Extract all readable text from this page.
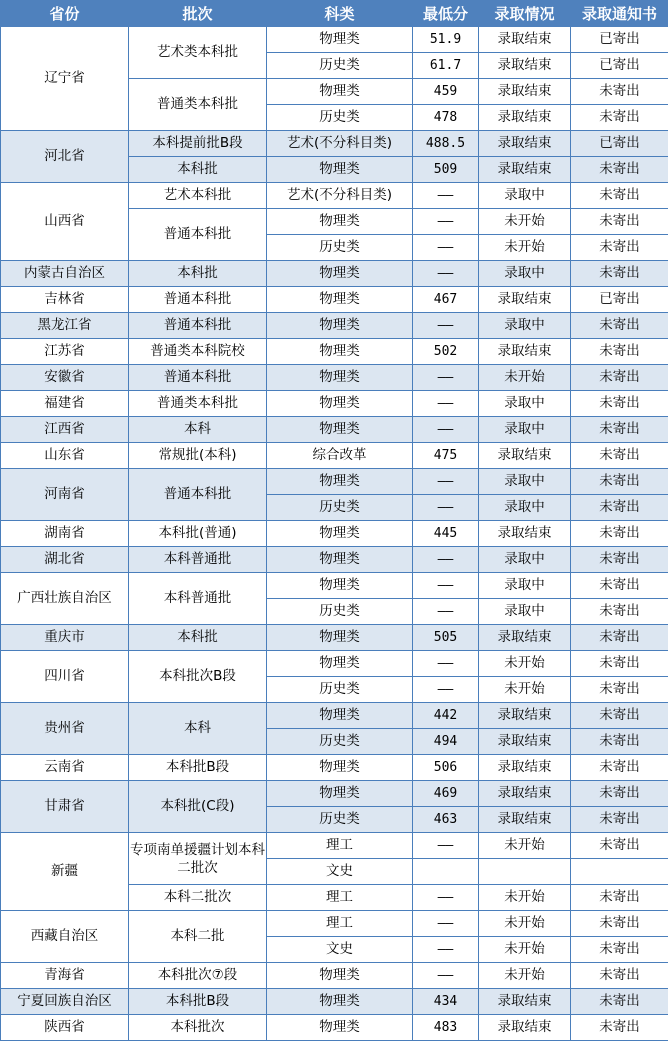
省份	批次	科类	最低分	录取情况	录取通知书
辽宁省	艺术类本科批	物理类	51.9	录取结束	已寄出
		历史类	61.7	录取结束	已寄出
	普通类本科批	物理类	459	录取结束	未寄出
		历史类	478	录取结束	未寄出
河北省	本科提前批B段	艺术(不分科目类)	488.5	录取结束	已寄出
	本科批	物理类	509	录取结束	未寄出
山西省	艺术本科批	艺术(不分科目类)	——	录取中	未寄出
	普通本科批	物理类	——	未开始	未寄出
		历史类	——	未开始	未寄出
内蒙古自治区	本科批	物理类	——	录取中	未寄出
吉林省	普通本科批	物理类	467	录取结束	已寄出
黑龙江省	普通本科批	物理类	——	录取中	未寄出
江苏省	普通类本科院校	物理类	502	录取结束	未寄出
安徽省	普通本科批	物理类	——	未开始	未寄出
福建省	普通类本科批	物理类	——	录取中	未寄出
江西省	本科	物理类	——	录取中	未寄出
山东省	常规批(本科)	综合改革	475	录取结束	未寄出
河南省	普通本科批	物理类	——	录取中	未寄出
		历史类	——	录取中	未寄出
湖南省	本科批(普通)	物理类	445	录取结束	未寄出
湖北省	本科普通批	物理类	——	录取中	未寄出
广西壮族自治区	本科普通批	物理类	——	录取中	未寄出
		历史类	——	录取中	未寄出
重庆市	本科批	物理类	505	录取结束	未寄出
四川省	本科批次B段	物理类	——	未开始	未寄出
		历史类	——	未开始	未寄出
贵州省	本科	物理类	442	录取结束	未寄出
		历史类	494	录取结束	未寄出
云南省	本科批B段	物理类	506	录取结束	未寄出
甘肃省	本科批(C段)	物理类	469	录取结束	未寄出
		历史类	463	录取结束	未寄出
新疆	专项南单援疆计划本科二批次	理工	——	未开始	未寄出
		文史			
	本科二批次	理工	——	未开始	未寄出
西藏自治区	本科二批	理工	——	未开始	未寄出
		文史	——	未开始	未寄出
青海省	本科批次⑦段	物理类	——	未开始	未寄出
宁夏回族自治区	本科批B段	物理类	434	录取结束	未寄出
陕西省	本科批次	物理类	483	录取结束	未寄出
